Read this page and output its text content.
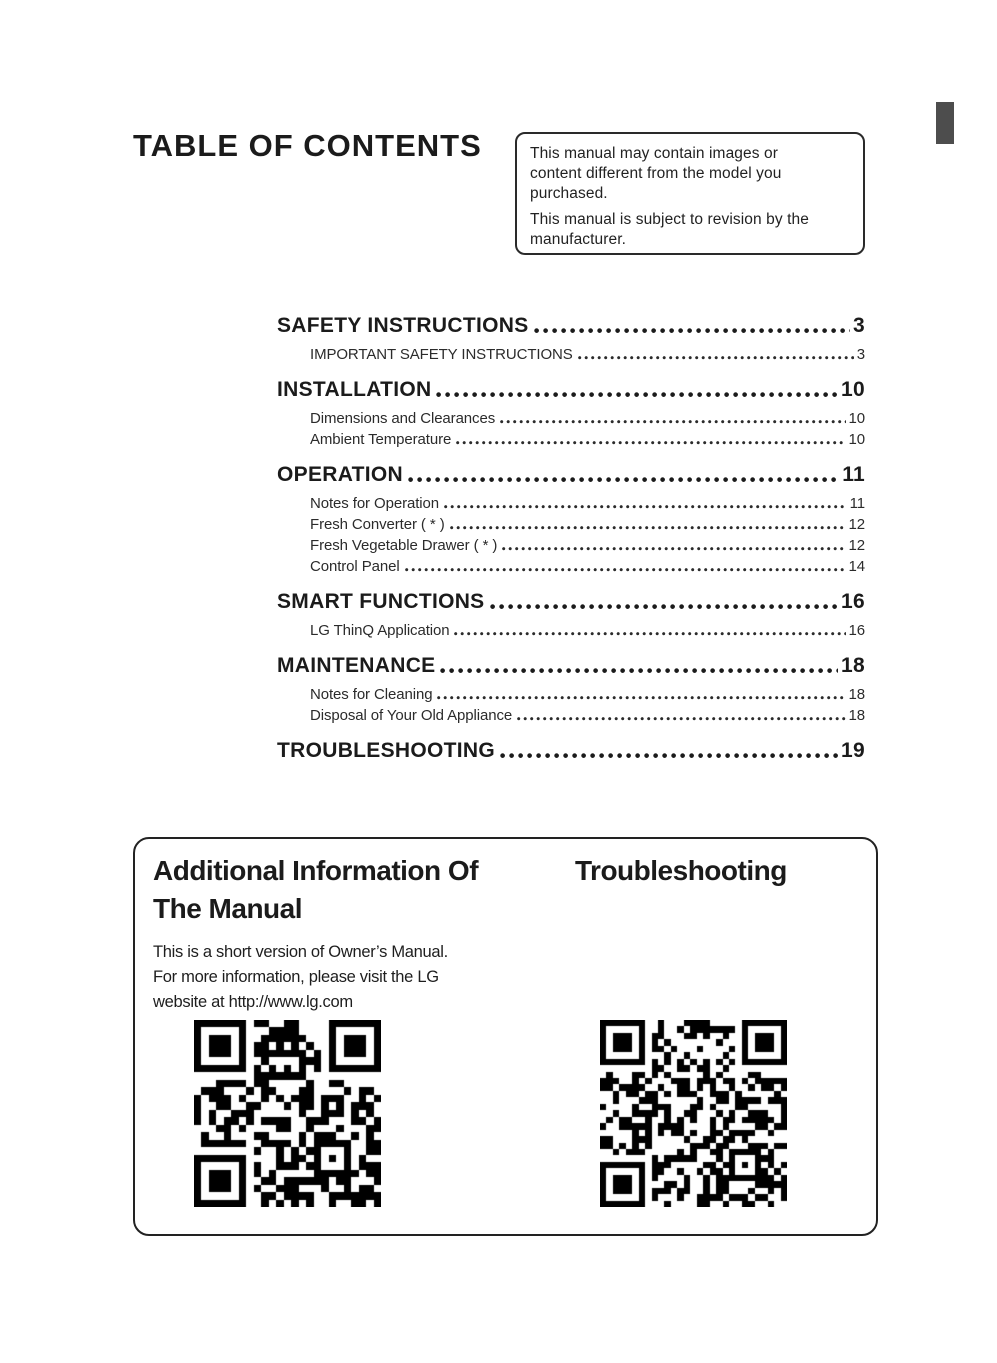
TABLE OF CONTENTS	This manual may contain images or content different from the model you purchased.

This manual is subject to revision by the manufacturer.

SAFETY INSTRUCTIONS	3
IMPORTANT SAFETY INSTRUCTIONS	3
INSTALLATION	10
Dimensions and Clearances	10
Ambient Temperature	10
OPERATION	11
Notes for Operation	11
Fresh Converter ( * )	12
Fresh Vegetable Drawer ( * )	12
Control Panel	14
SMART FUNCTIONS	16
LG ThinQ Application	16
MAINTENANCE	18
Notes for Cleaning	18
Disposal of Your Old Appliance	18
TROUBLESHOOTING	19
Additional Information Of The Manual
Troubleshooting

This is a short version of Owner’s Manual. For more information, please visit the LG website at http://www.lg.com
